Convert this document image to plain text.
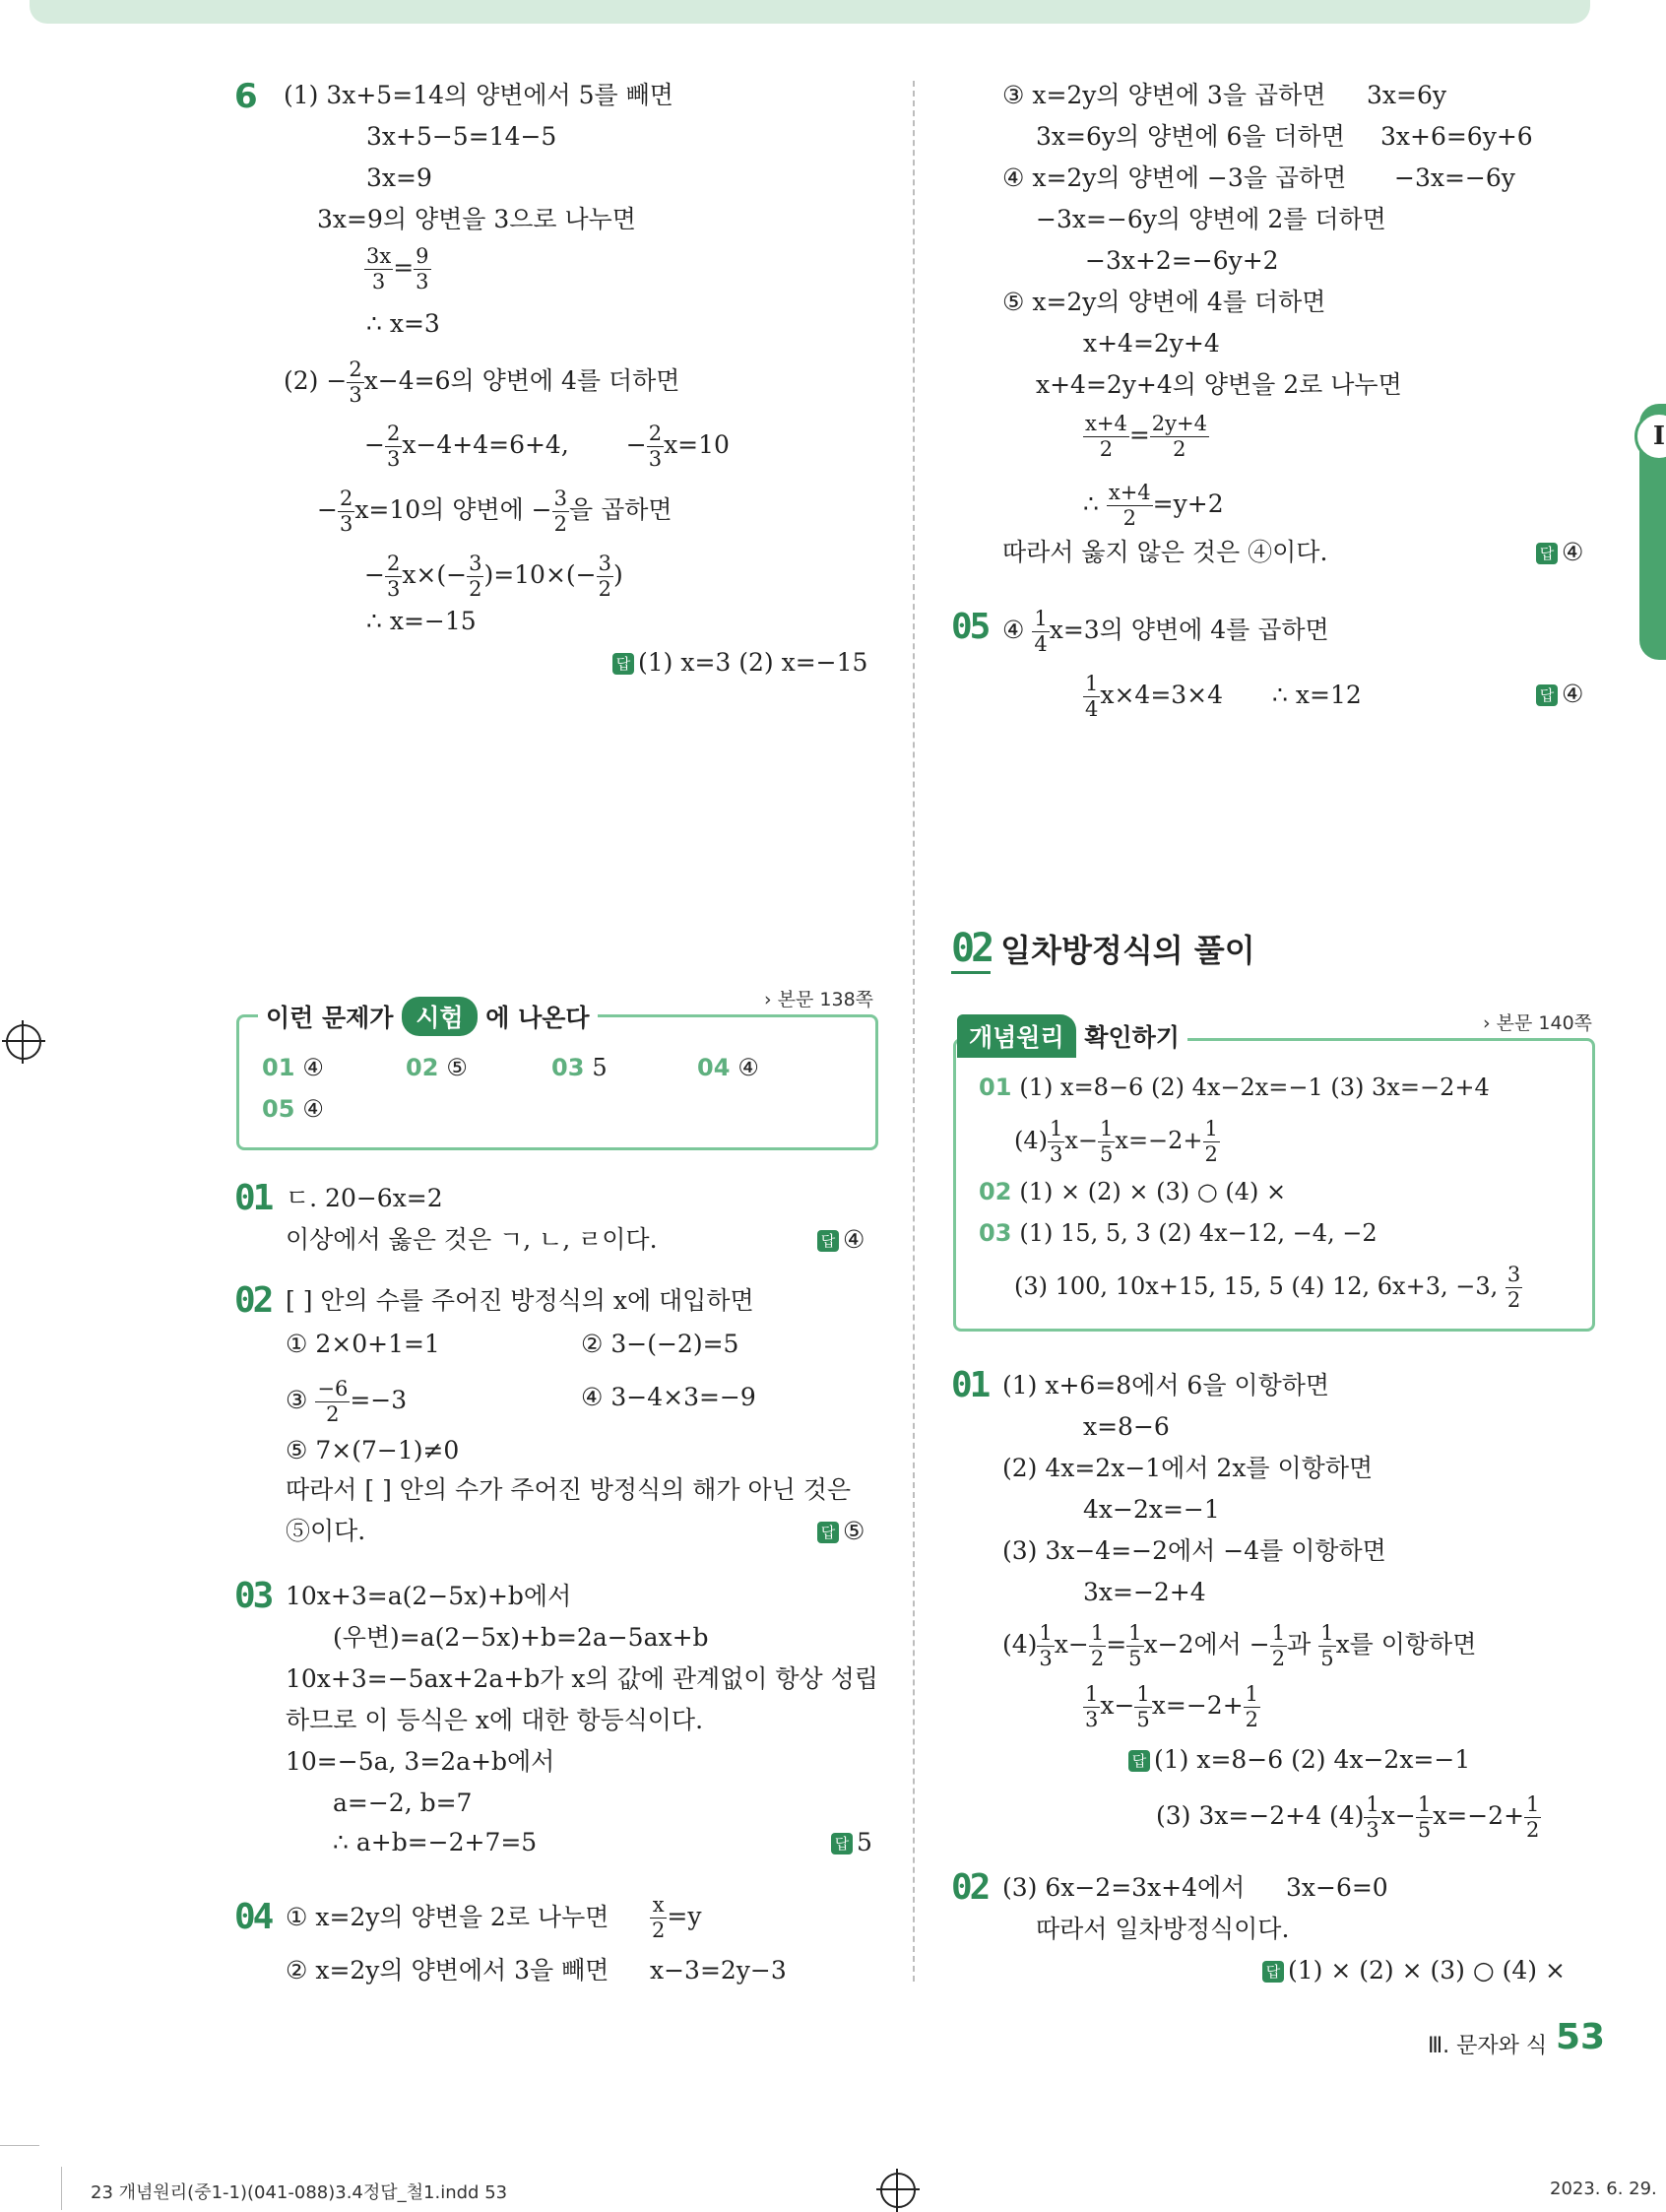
I
6 (1) 3x+5=14의 양변에서 5를 빼면
3x+5−5=14−5
3x=9
3x=9의 양변을 3으로 나누면
$\frac{3x}{3} = \frac{9}{3}$
∴ x=3
$(2) - \frac{2}{3} x-4=6$의 양변에 4를 더하면
− $\frac{2}{3} x-4+4=6+4$, − $\frac{2}{3} x=10$
− $\frac{2}{3} x=10$의 양변에 − $\frac{3}{2}$ 을 곱하면
− $\frac{2}{3} x\times(- \frac{3}{2} )=10\times(- \frac{3}{2}$ )
∴ x=−15
답 (1) x=3 (2) x=−15
이런 문제가 시험 에 나온다
› 본문 138쪽
01 ④	02 ⑤	03 5	04 ④
05 ④
01 ㄷ. 20−6x=2
이상에서 옳은 것은 ㄱ, ㄴ, ㄹ이다.	답 ④
02 [ ] 안의 수를 주어진 방정식의 x에 대입하면
① 2×0+1=1	② 3−(−2)=5
③ $\frac{-6}{2} =-3$	④ 3−4×3=−9
⑤ 7×(7−1)≠0
따라서 [ ] 안의 수가 주어진 방정식의 해가 아닌 것은
⑤이다.	답 ⑤
03 10x+3=a(2−5x)+b에서
(우변)=a(2−5x)+b=2a−5ax+b
10x+3=−5ax+2a+b가 x의 값에 관계없이 항상 성립
하므로 이 등식은 x에 대한 항등식이다.
10=−5a, 3=2a+b에서
a=−2, b=7
∴ a+b=−2+7=5	답 5
04 ① x=2y의 양변을 2로 나누면 $\frac{x}{2} =y$
② x=2y의 양변에서 3을 빼면 x−3=2y−3
③ x=2y의 양변에 3을 곱하면 3x=6y
3x=6y의 양변에 6을 더하면 3x+6=6y+6
④ x=2y의 양변에 −3을 곱하면 −3x=−6y
−3x=−6y의 양변에 2를 더하면
−3x+2=−6y+2
⑤ x=2y의 양변에 4를 더하면
x+4=2y+4
x+4=2y+4의 양변을 2로 나누면
$\frac{x+4}{2} = \frac{2y+4}{2}$
∴ $\frac{x+4}{2} =y+2$
따라서 옳지 않은 것은 ④이다.	답 ④
05 ④ $\frac{1}{4} x=3$의 양변에 4를 곱하면
$\frac{1}{4} x\times 4=3\times 4$ ∴ x=12	답 ④
02 일차방정식의 풀이
개념원리 확인하기	› 본문 140쪽
01 (1) x=8−6 (2) 4x−2x=−1 (3) 3x=−2+4
$(4) \frac{1}{3} x- \frac{1}{5} x=-2+ \frac{1}{2}$
02 (1) × (2) × (3) ○ (4) ×
03 (1) 15, 5, 3 (2) 4x−12, −4, −2
(3) 100, 10x+15, 15, 5 (4) 12, 6x+3, −3, $\frac{3}{2}$
01 (1) x+6=8에서 6을 이항하면
x=8−6
(2) 4x=2x−1에서 2x를 이항하면
4x−2x=−1
(3) 3x−4=−2에서 −4를 이항하면
3x=−2+4
$(4) \frac{1}{3} x- \frac{1}{2} = \frac{1}{5} x-2$에서 − $\frac{1}{2}$ 과 $\frac{1}{5}$ x를 이항하면
$\frac{1}{3} x- \frac{1}{5} x=-2+ \frac{1}{2}$
답 (1) x=8−6 (2) 4x−2x=−1
(3) 3x=−2+4 $(4) \frac{1}{3} x- \frac{1}{5} x=-2+ \frac{1}{2}$
02 (3) 6x−2=3x+4에서 3x−6=0
따라서 일차방정식이다.
답 (1) × (2) × (3) ○ (4) ×
Ⅲ. 문자와 식 53
23 개념원리(중1-1)(041-088)3.4정답_철1.indd 53	2023. 6. 29.
